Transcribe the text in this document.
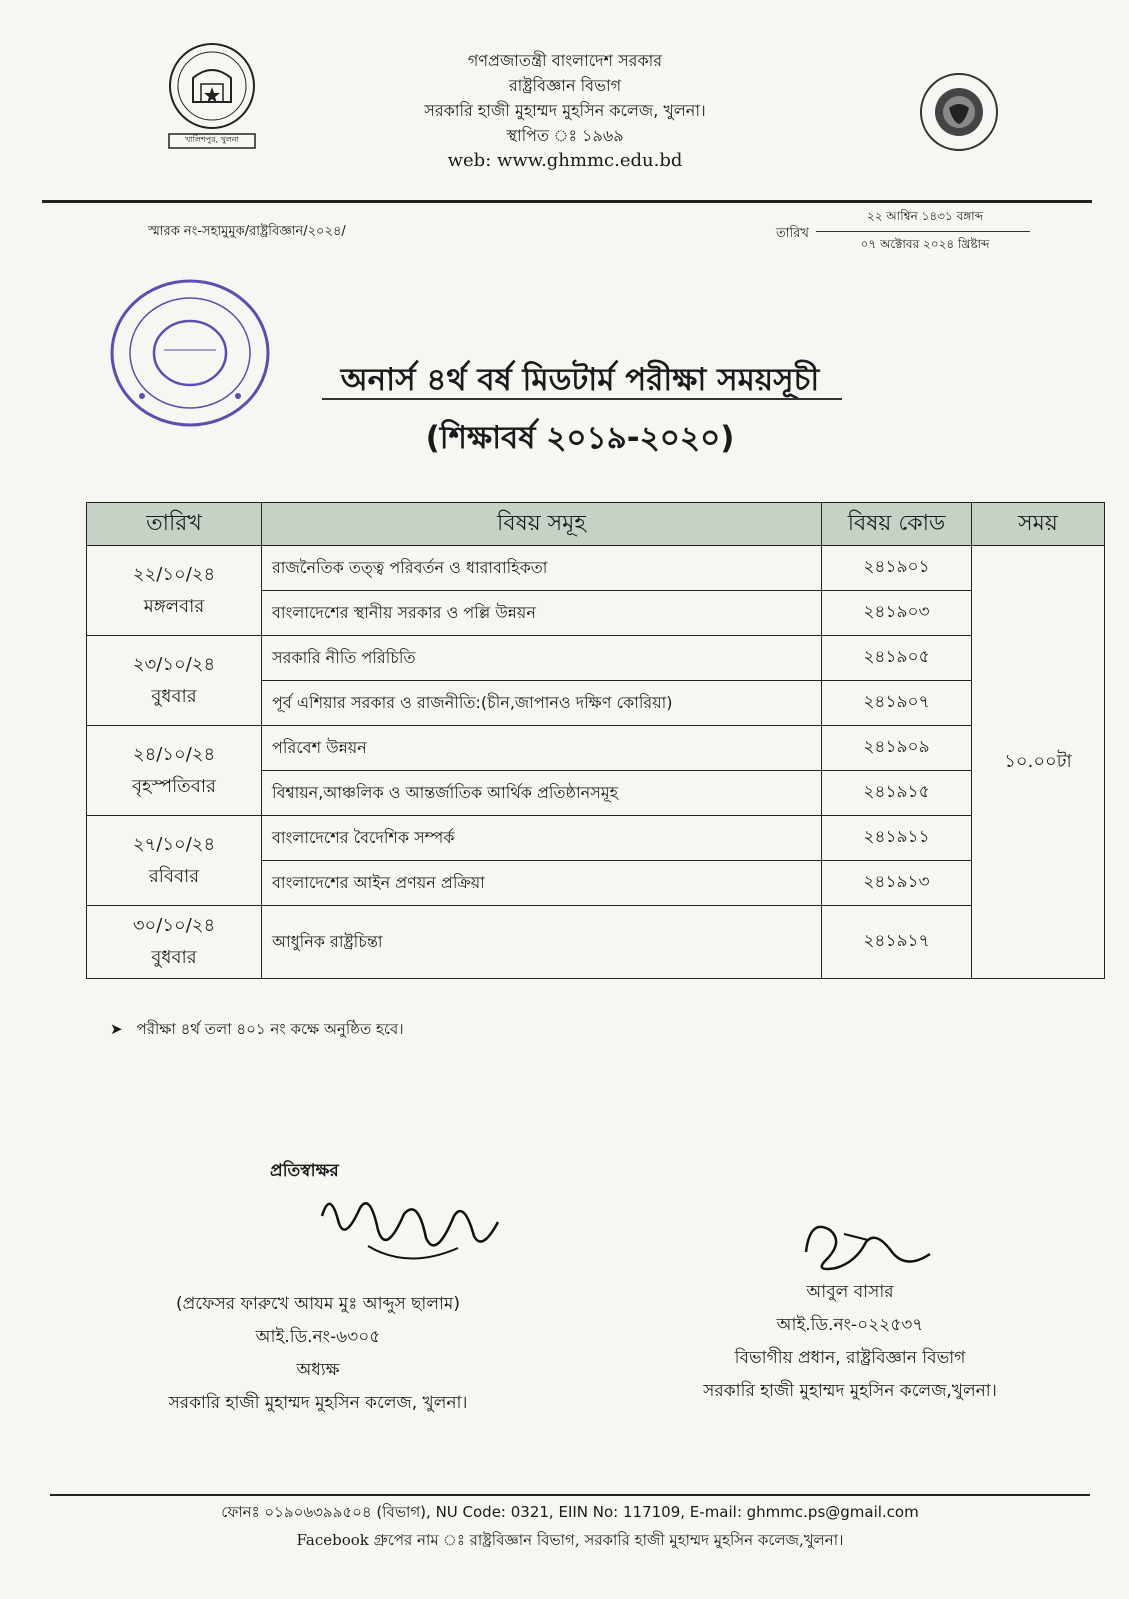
খালিশপুর, খুলনা
গণপ্রজাতন্ত্রী বাংলাদেশ সরকার
রাষ্ট্রবিজ্ঞান বিভাগ
সরকারি হাজী মুহাম্মদ মুহসিন কলেজ, খুলনা।
স্থাপিত ঃ ১৯৬৯
web: www.ghmmc.edu.bd
স্মারক নং-সহামুমুক/রাষ্ট্রবিজ্ঞান/২০২৪/	তারিখ
২২ আশ্বিন ১৪৩১ বঙ্গাব্দ
০৭ অক্টোবর ২০২৪ খ্রিষ্টাব্দ
অনার্স ৪র্থ বর্ষ মিডটার্ম পরীক্ষা সময়সূচী
(শিক্ষাবর্ষ ২০১৯-২০২০)
তারিখ	বিষয় সমূহ	বিষয় কোড	সময়

২২/১০/২৪
মঙ্গলবার	রাজনৈতিক তত্ত্ব পরিবর্তন ও ধারাবাহিকতা	২৪১৯০১	১০.০০টা
	বাংলাদেশের স্থানীয় সরকার ও পল্লি উন্নয়ন	২৪১৯০৩	

২৩/১০/২৪
বুধবার	সরকারি নীতি পরিচিতি	২৪১৯০৫	
	পূর্ব এশিয়ার সরকার ও রাজনীতি:(চীন,জাপানও দক্ষিণ কোরিয়া)	২৪১৯০৭	

২৪/১০/২৪
বৃহস্পতিবার	পরিবেশ উন্নয়ন	২৪১৯০৯	
	বিশ্বায়ন,আঞ্চলিক ও আন্তর্জাতিক আর্থিক প্রতিষ্ঠানসমূহ	২৪১৯১৫	

২৭/১০/২৪
রবিবার	বাংলাদেশের বৈদেশিক সম্পর্ক	২৪১৯১১	
	বাংলাদেশের আইন প্রণয়ন প্রক্রিয়া	২৪১৯১৩	

৩০/১০/২৪
বুধবার	আধুনিক রাষ্ট্রচিন্তা	২৪১৯১৭	
➤ পরীক্ষা ৪র্থ তলা ৪০১ নং কক্ষে অনুষ্ঠিত হবে।
প্রতিস্বাক্ষর
(প্রফেসর ফারুখে আযম মুঃ আব্দুস ছালাম)
আই.ডি.নং-৬৩০৫
অধ্যক্ষ
সরকারি হাজী মুহাম্মদ মুহসিন কলেজ, খুলনা।
আবুল বাসার
আই.ডি.নং-০২২৫৩৭
বিভাগীয় প্রধান, রাষ্ট্রবিজ্ঞান বিভাগ
সরকারি হাজী মুহাম্মদ মুহসিন কলেজ,খুলনা।
ফোনঃ ০১৯০৬৩৯৯৫০৪ (বিভাগ), NU Code: 0321, EIIN No: 117109, E-mail: ghmmc.ps@gmail.com
Facebook গ্রুপের নাম ঃ রাষ্ট্রবিজ্ঞান বিভাগ, সরকারি হাজী মুহাম্মদ মুহসিন কলেজ,খুলনা।
